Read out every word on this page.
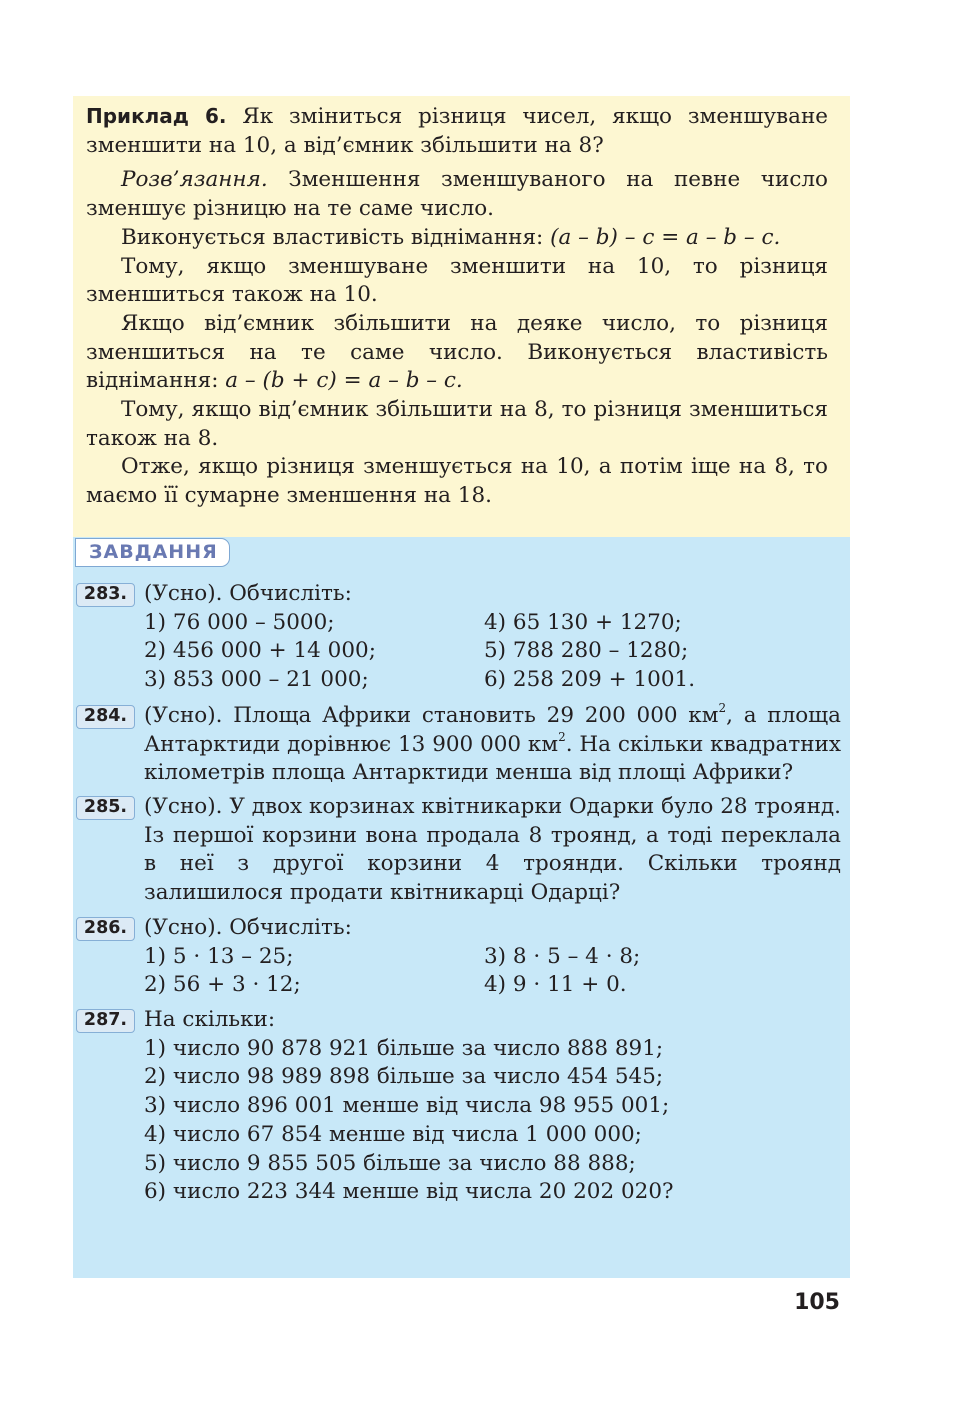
Приклад 6. Як зміниться різниця чисел, якщо зменшуване зменшити на 10, а від’ємник збільшити на 8?

Розв’язання. Зменшення зменшуваного на певне число зменшує різницю на те саме число.

Виконується властивість віднімання: (a – b) – c = a – b – c.

Тому, якщо зменшуване зменшити на 10, то різниця зменшиться також на 10.

Якщо від’ємник збільшити на деяке число, то різниця зменшиться на те саме число. Виконується властивість віднімання: a – (b + c) = a – b – c.

Тому, якщо від’ємник збільшити на 8, то різниця зменшиться також на 8.

Отже, якщо різниця зменшується на 10, а потім іще на 8, то маємо її сумарне зменшення на 18.

ЗАВДАННЯ
283. (Усно). Обчисліть:
1) 76 000 – 5000;
2) 456 000 + 14 000;
3) 853 000 – 21 000;
4) 65 130 + 1270;
5) 788 280 – 1280;
6) 258 209 + 1001.
284. (Усно). Площа Африки становить 29 200 000 $км^2$, а площа Антарктиди дорівнює 13 900 000 $км^2$. На скільки квадратних кілометрів площа Антарктиди менша від площі Африки?
285. (Усно). У двох корзинах квітникарки Одарки було 28 троянд. Із першої корзини вона продала 8 троянд, а тоді переклала в неї з другої корзини 4 троянди. Скільки троянд залишилося продати квітникарці Одарці?
286. (Усно). Обчисліть:
1) 5 · 13 – 25;
2) 56 + 3 · 12;
3) 8 · 5 – 4 · 8;
4) 9 · 11 + 0.
287. На скільки:
1) число 90 878 921 більше за число 888 891;
2) число 98 989 898 більше за число 454 545;
3) число 896 001 менше від числа 98 955 001;
4) число 67 854 менше від числа 1 000 000;
5) число 9 855 505 більше за число 88 888;
6) число 223 344 менше від числа 20 202 020?
105
